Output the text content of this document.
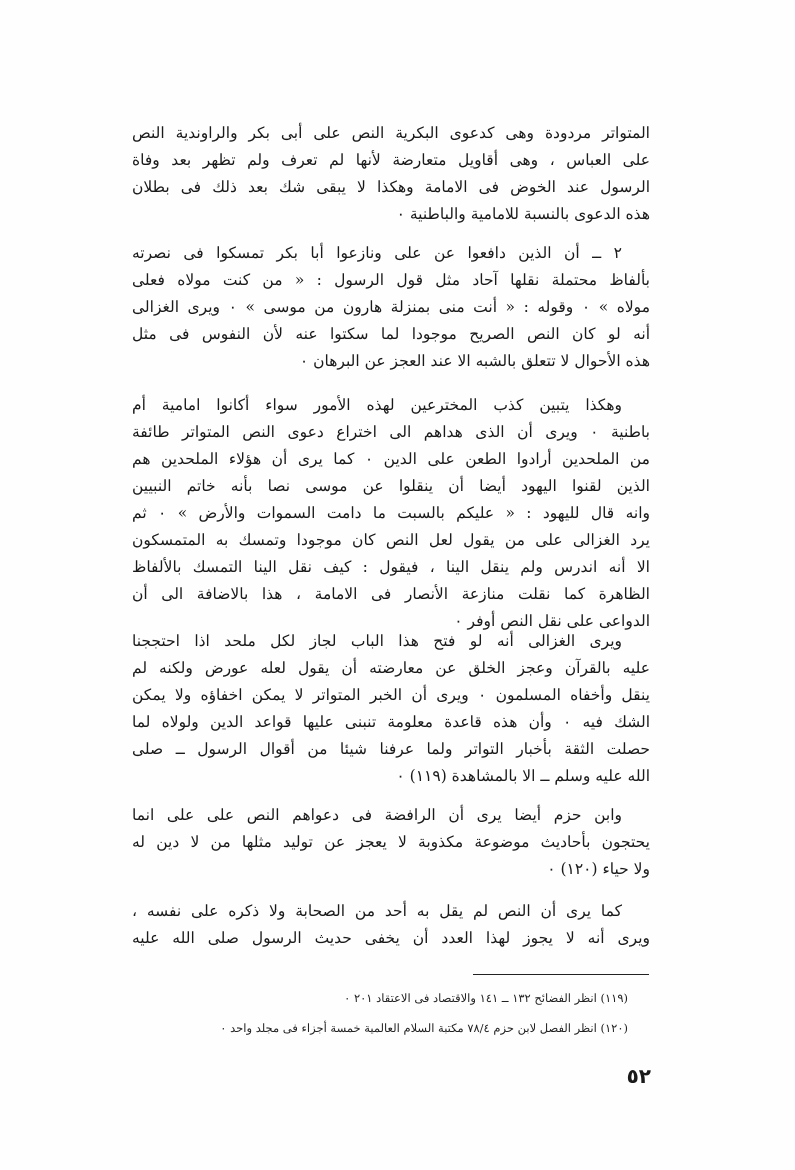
المتواتر مردودة وهى كدعوى البكرية النص على أبى بكر والراوندية النص
على العباس ، وهى أقاويل متعارضة لأنها لم تعرف ولم تظهر بعد وفاة
الرسول عند الخوض فى الامامة وهكذا لا يبقى شك بعد ذلك فى بطلان
هذه الدعوى بالنسبة للامامية والباطنية ٠
٢ ــ أن الذين دافعوا عن على ونازعوا أبا بكر تمسكوا فى نصرته
بألفاظ محتملة نقلها آحاد مثل قول الرسول : « من كنت مولاه فعلى
مولاه » ٠ وقوله : « أنت منى بمنزلة هارون من موسى » ٠ ويرى الغزالى
أنه لو كان النص الصريح موجودا لما سكتوا عنه لأن النفوس فى مثل
هذه الأحوال لا تتعلق بالشبه الا عند العجز عن البرهان ٠
وهكذا يتبين كذب المخترعين لهذه الأمور سواء أكانوا امامية أم
باطنية ٠ ويرى أن الذى هداهم الى اختراع دعوى النص المتواتر طائفة
من الملحدين أرادوا الطعن على الدين ٠ كما يرى أن هؤلاء الملحدين هم
الذين لقنوا اليهود أيضا أن ينقلوا عن موسى نصا بأنه خاتم النبيين
وانه قال لليهود : « عليكم بالسبت ما دامت السموات والأرض » ٠ ثم
يرد الغزالى على من يقول لعل النص كان موجودا وتمسك به المتمسكون
الا أنه اندرس ولم ينقل الينا ، فيقول : كيف نقل الينا التمسك بالألفاظ
الظاهرة كما نقلت منازعة الأنصار فى الامامة ، هذا بالاضافة الى أن
الدواعى على نقل النص أوفر ٠
ويرى الغزالى أنه لو فتح هذا الباب لجاز لكل ملحد اذا احتججنا
عليه بالقرآن وعجز الخلق عن معارضته أن يقول لعله عورض ولكنه لم
ينقل وأخفاه المسلمون ٠ ويرى أن الخبر المتواتر لا يمكن اخفاؤه ولا يمكن
الشك فيه ٠ وأن هذه قاعدة معلومة تنبنى عليها قواعد الدين ولولاه لما
حصلت الثقة بأخبار التواتر ولما عرفنا شيئا من أقوال الرسول ــ صلى
الله عليه وسلم ــ الا بالمشاهدة (١١٩) ٠
وابن حزم أيضا يرى أن الرافضة فى دعواهم النص على على انما
يحتجون بأحاديث موضوعة مكذوبة لا يعجز عن توليد مثلها من لا دين له
ولا حياء (١٢٠) ٠
كما يرى أن النص لم يقل به أحد من الصحابة ولا ذكره على نفسه ،
ويرى أنه لا يجوز لهذا العدد أن يخفى حديث الرسول صلى الله عليه
(١١٩) انظر الفضائح ١٣٢ ــ ١٤١ والاقتصاد فى الاعتقاد ٢٠١ ٠
(١٢٠) انظر الفصل لابن حزم ٧٨/٤ مكتبة السلام العالمية خمسة أجزاء فى مجلد واحد ٠
٥٢
